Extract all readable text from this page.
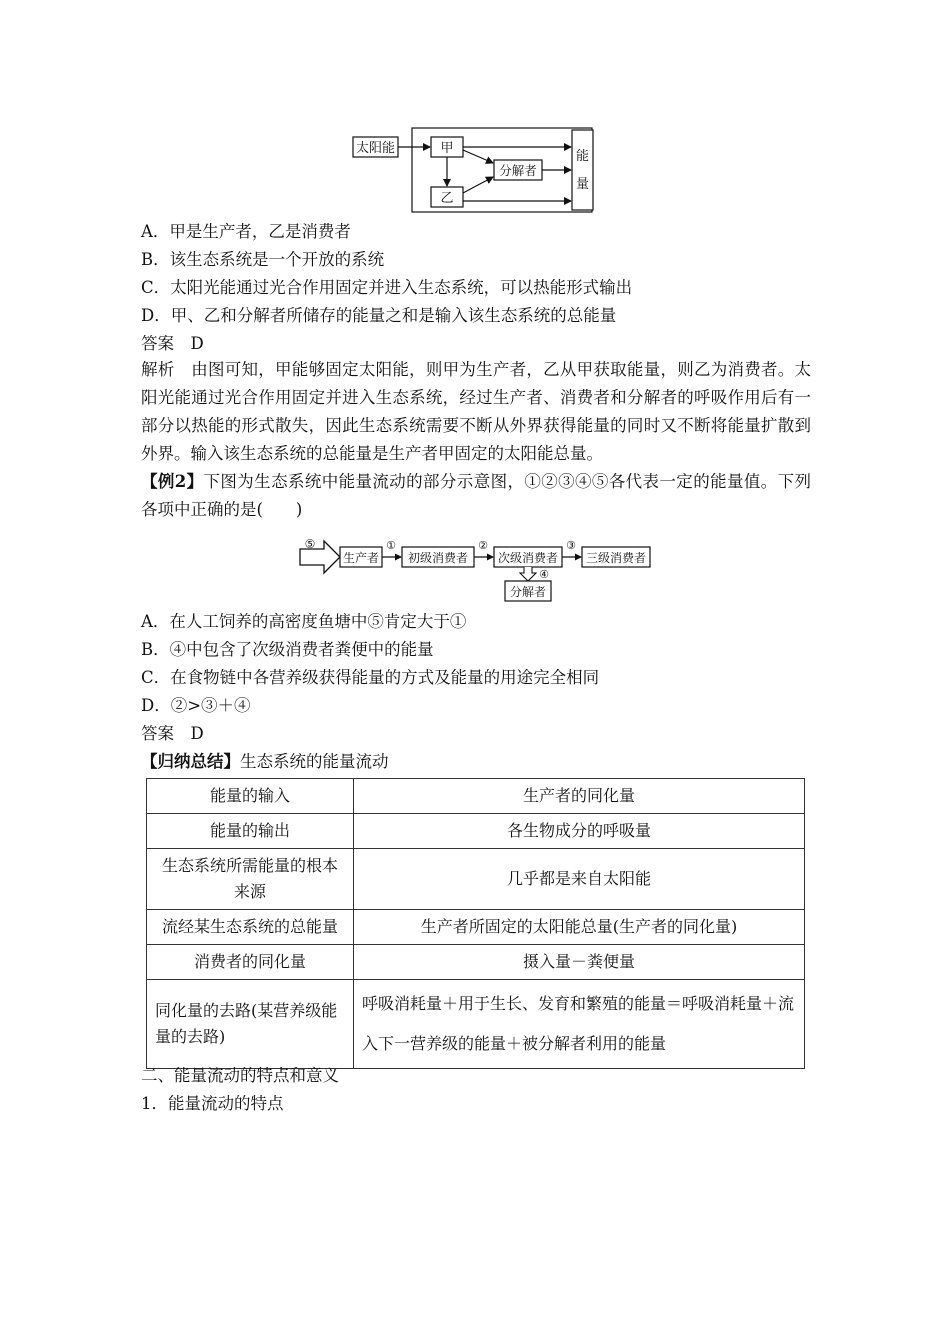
太阳能	甲
乙
分解者
能
量
A．甲是生产者，乙是消费者
B．该生态系统是一个开放的系统
C．太阳光能通过光合作用固定并进入生态系统，可以热能形式输出
D．甲、乙和分解者所储存的能量之和是输入该生态系统的总能量
答案　D
解析　由图可知，甲能够固定太阳能，则甲为生产者，乙从甲获取能量，则乙为消费者。太阳光能通过光合作用固定并进入生态系统，经过生产者、消费者和分解者的呼吸作用后有一部分以热能的形式散失，因此生态系统需要不断从外界获得能量的同时又不断将能量扩散到外界。输入该生态系统的总能量是生产者甲固定的太阳能总量。
【例2】下图为生态系统中能量流动的部分示意图，①②③④⑤各代表一定的能量值。下列各项中正确的是(　　)
⑤
生产者
①
初级消费者
②
次级消费者
③
三级消费者
④
分解者
A．在人工饲养的高密度鱼塘中⑤肯定大于①
B．④中包含了次级消费者粪便中的能量
C．在食物链中各营养级获得能量的方式及能量的用途完全相同
D．②>③＋④
答案　D
【归纳总结】生态系统的能量流动
能量的输入	生产者的同化量
能量的输出	各生物成分的呼吸量
生态系统所需能量的根本来源	几乎都是来自太阳能
流经某生态系统的总能量	生产者所固定的太阳能总量(生产者的同化量)
消费者的同化量	摄入量－粪便量
同化量的去路(某营养级能量的去路)	呼吸消耗量＋用于生长、发育和繁殖的能量＝呼吸消耗量＋流入下一营养级的能量＋被分解者利用的能量
二、能量流动的特点和意义
1．能量流动的特点
